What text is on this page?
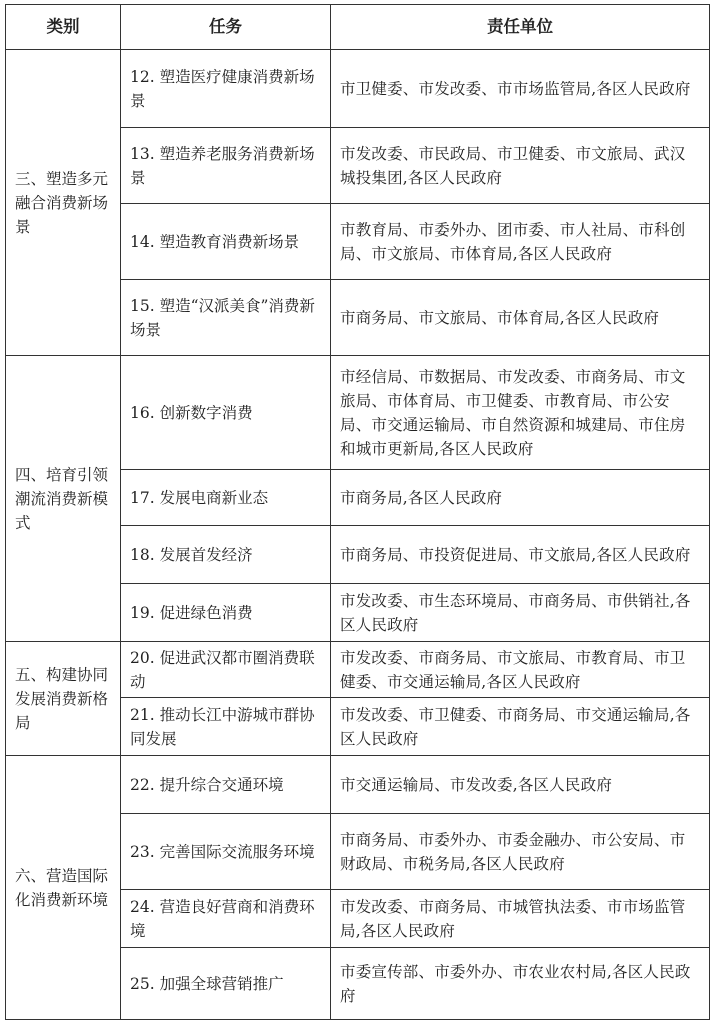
类别	任务	责任单位
三、塑造多元融合消费新场景	12. 塑造医疗健康消费新场景	市卫健委、市发改委、市市场监管局,各区人民政府
	13. 塑造养老服务消费新场景	市发改委、市民政局、市卫健委、市文旅局、武汉城投集团,各区人民政府
	14. 塑造教育消费新场景	市教育局、市委外办、团市委、市人社局、市科创局、市文旅局、市体育局,各区人民政府
	15. 塑造“汉派美食”消费新场景	市商务局、市文旅局、市体育局,各区人民政府
四、培育引领潮流消费新模式	16. 创新数字消费	市经信局、市数据局、市发改委、市商务局、市文旅局、市体育局、市卫健委、市教育局、市公安局、市交通运输局、市自然资源和城建局、市住房和城市更新局,各区人民政府
	17. 发展电商新业态	市商务局,各区人民政府
	18. 发展首发经济	市商务局、市投资促进局、市文旅局,各区人民政府
	19. 促进绿色消费	市发改委、市生态环境局、市商务局、市供销社,各区人民政府
五、构建协同发展消费新格局	20. 促进武汉都市圈消费联动	市发改委、市商务局、市文旅局、市教育局、市卫健委、市交通运输局,各区人民政府
	21. 推动长江中游城市群协同发展	市发改委、市卫健委、市商务局、市交通运输局,各区人民政府
六、营造国际化消费新环境	22. 提升综合交通环境	市交通运输局、市发改委,各区人民政府
	23. 完善国际交流服务环境	市商务局、市委外办、市委金融办、市公安局、市财政局、市税务局,各区人民政府
	24. 营造良好营商和消费环境	市发改委、市商务局、市城管执法委、市市场监管局,各区人民政府
	25. 加强全球营销推广	市委宣传部、市委外办、市农业农村局,各区人民政府
